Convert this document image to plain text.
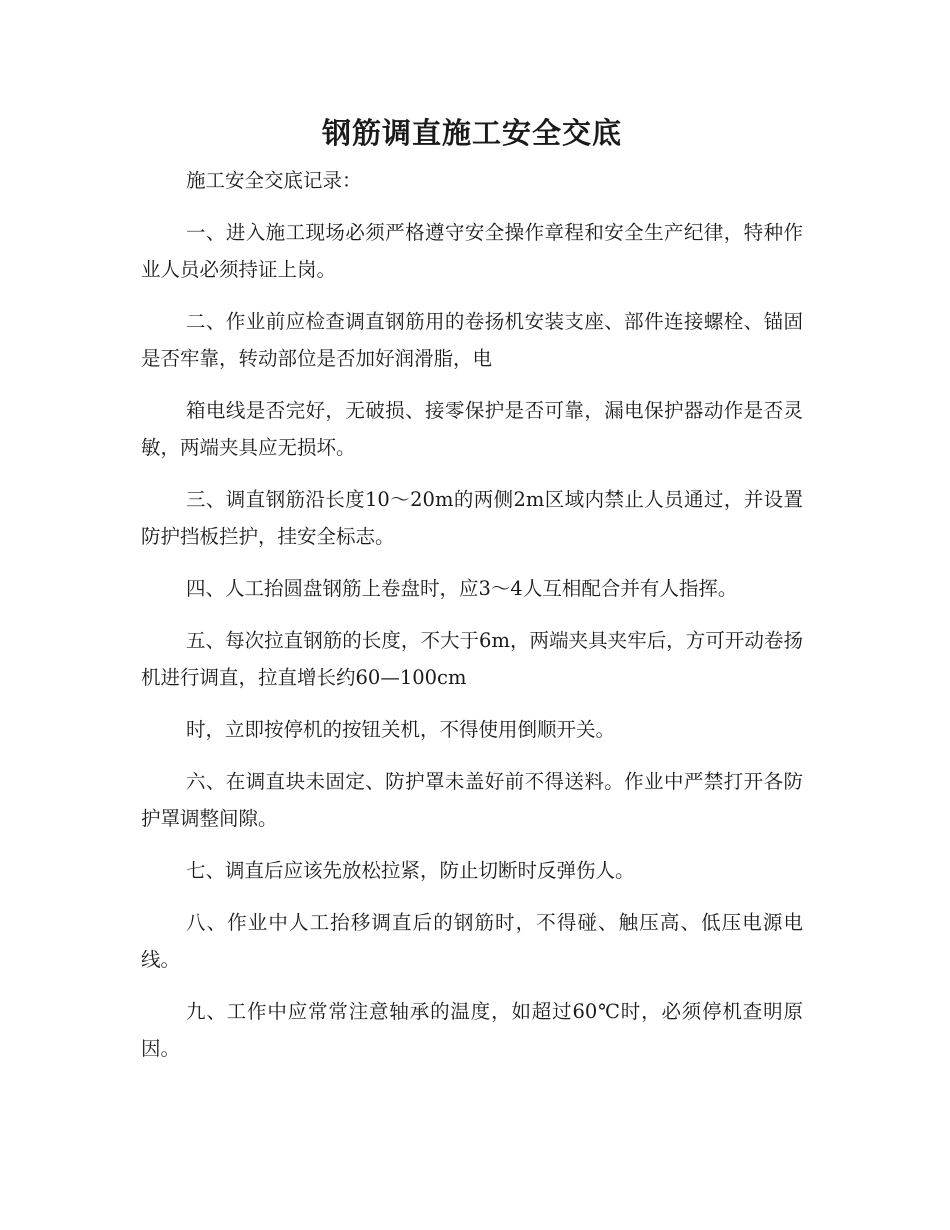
钢筋调直施工安全交底

施工安全交底记录：

一、进入施工现场必须严格遵守安全操作章程和安全生产纪律，特种作业人员必须持证上岗。

二、作业前应检查调直钢筋用的卷扬机安装支座、部件连接螺栓、锚固是否牢靠，转动部位是否加好润滑脂，电

箱电线是否完好，无破损、接零保护是否可靠，漏电保护器动作是否灵敏，两端夹具应无损坏。

三、调直钢筋沿长度10～20m的两侧2m区域内禁止人员通过，并设置防护挡板拦护，挂安全标志。

四、人工抬圆盘钢筋上卷盘时，应3～4人互相配合并有人指挥。

五、每次拉直钢筋的长度，不大于6m，两端夹具夹牢后，方可开动卷扬机进行调直，拉直增长约60—100cm

时，立即按停机的按钮关机，不得使用倒顺开关。

六、在调直块未固定、防护罩未盖好前不得送料。作业中严禁打开各防护罩调整间隙。

七、调直后应该先放松拉紧，防止切断时反弹伤人。

八、作业中人工抬移调直后的钢筋时，不得碰、触压高、低压电源电线。

九、工作中应常常注意轴承的温度，如超过60℃时，必须停机查明原因。
